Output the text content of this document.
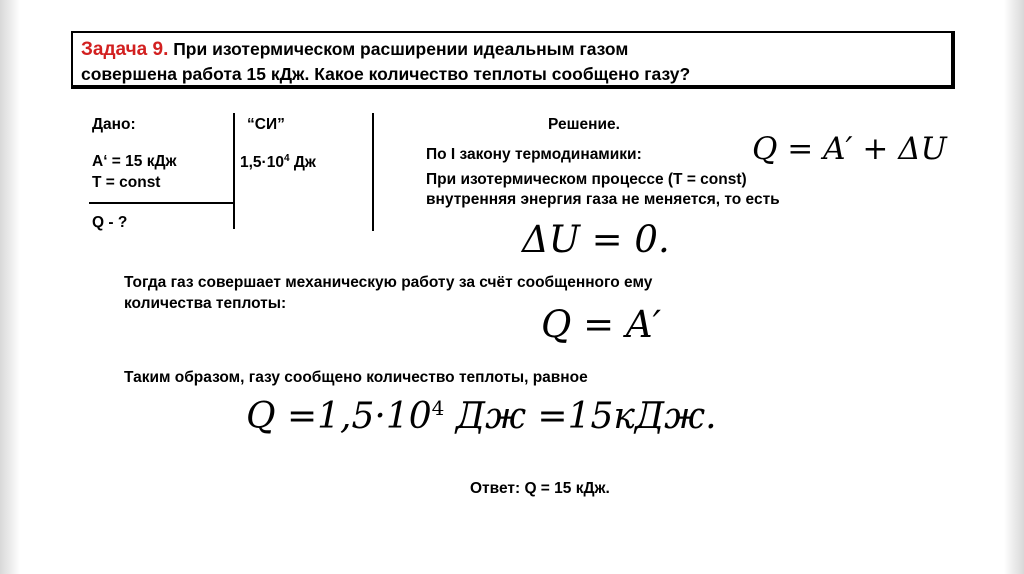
Задача 9. При изотермическом расширении идеальным газом
совершена работа 15 кДж. Какое количество теплоты сообщено газу?
Дано:
A‘ = 15 кДж
T = const
Q - ?
“СИ”
$1,5\cdot 10^4$ Дж
Решение.
По I закону термодинамики:	Q = A′ + ΔU
При изотермическом процессе (T = const)
внутренняя энергия газа не меняется, то есть
ΔU = 0.
Тогда газ совершает механическую работу за счёт сообщенного ему
количества теплоты:	Q = A′
Таким образом, газу сообщено количество теплоты, равное
$Q =1,5\cdot 10^4$ Дж =15кДж.
Ответ: Q = 15 кДж.
